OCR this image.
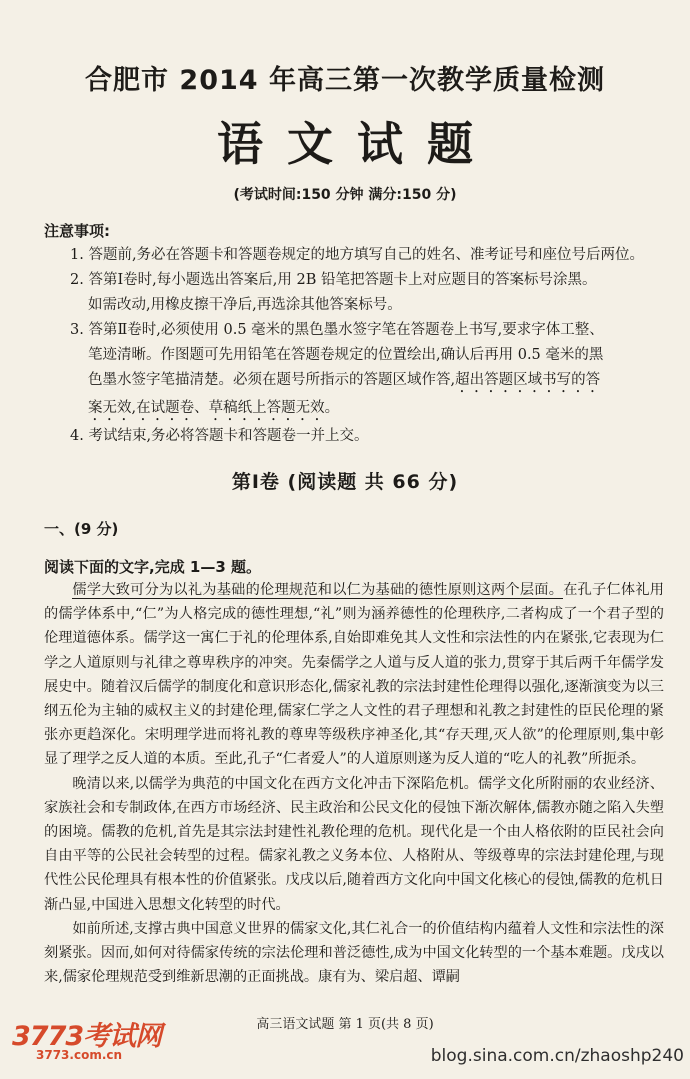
合肥市 2014 年高三第一次教学质量检测
语文试题
(考试时间:150 分钟 满分:150 分)
注意事项:
1. 答题前,务必在答题卡和答题卷规定的地方填写自己的姓名、准考证号和座位号后两位。
2. 答第Ⅰ卷时,每小题选出答案后,用 2B 铅笔把答题卡上对应题目的答案标号涂黑。
如需改动,用橡皮擦干净后,再选涂其他答案标号。
3. 答第Ⅱ卷时,必须使用 0.5 毫米的黑色墨水签字笔在答题卷上书写,要求字体工整、
笔迹清晰。作图题可先用铅笔在答题卷规定的位置绘出,确认后再用 0.5 毫米的黑
色墨水签字笔描清楚。必须在题号所指示的答题区域作答,超出答题区域书写的答
案无效,在试题卷、草稿纸上答题无效。
4. 考试结束,务必将答题卡和答题卷一并上交。
第Ⅰ卷 (阅读题 共 66 分)
一、(9 分)
阅读下面的文字,完成 1—3 题。

儒学大致可分为以礼为基础的伦理规范和以仁为基础的德性原则这两个层面。在孔子仁体礼用的儒学体系中,“仁”为人格完成的德性理想,“礼”则为涵养德性的伦理秩序,二者构成了一个君子型的伦理道德体系。儒学这一寓仁于礼的伦理体系,自始即难免其人文性和宗法性的内在紧张,它表现为仁学之人道原则与礼律之尊卑秩序的冲突。先秦儒学之人道与反人道的张力,贯穿于其后两千年儒学发展史中。随着汉后儒学的制度化和意识形态化,儒家礼教的宗法封建性伦理得以强化,逐渐演变为以三纲五伦为主轴的威权主义的封建伦理,儒家仁学之人文性的君子理想和礼教之封建性的臣民伦理的紧张亦更趋深化。宋明理学进而将礼教的尊卑等级秩序神圣化,其“存天理,灭人欲”的伦理原则,集中彰显了理学之反人道的本质。至此,孔子“仁者爱人”的人道原则遂为反人道的“吃人的礼教”所扼杀。

晚清以来,以儒学为典范的中国文化在西方文化冲击下深陷危机。儒学文化所附丽的农业经济、家族社会和专制政体,在西方市场经济、民主政治和公民文化的侵蚀下渐次解体,儒教亦随之陷入失塑的困境。儒教的危机,首先是其宗法封建性礼教伦理的危机。现代化是一个由人格依附的臣民社会向自由平等的公民社会转型的过程。儒家礼教之义务本位、人格附从、等级尊卑的宗法封建伦理,与现代性公民伦理具有根本性的价值紧张。戊戌以后,随着西方文化向中国文化核心的侵蚀,儒教的危机日渐凸显,中国进入思想文化转型的时代。

如前所述,支撑古典中国意义世界的儒家文化,其仁礼合一的价值结构内蕴着人文性和宗法性的深刻紧张。因而,如何对待儒家传统的宗法伦理和普泛德性,成为中国文化转型的一个基本难题。戊戌以来,儒家伦理规范受到维新思潮的正面挑战。康有为、梁启超、谭嗣

高三语文试题 第 1 页(共 8 页)
3773考试网
3773.com.cn	blog.sina.com.cn/zhaoshp240
